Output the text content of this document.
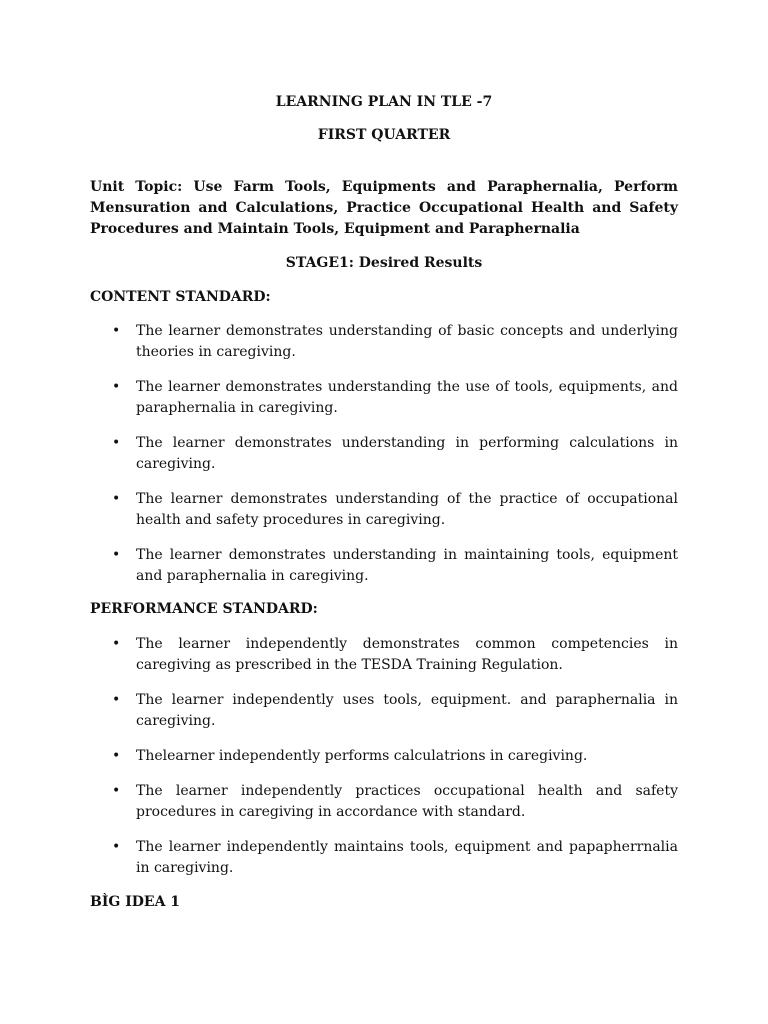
LEARNING PLAN IN TLE -7
FIRST QUARTER
Unit Topic: Use Farm Tools, Equipments and Paraphernalia, Perform Mensuration and Calculations, Practice Occupational Health and Safety Procedures and Maintain Tools, Equipment and Paraphernalia
STAGE1: Desired Results
CONTENT STANDARD:
• The learner demonstrates understanding of basic concepts and underlying theories in caregiving.
• The learner demonstrates understanding the use of tools, equipments, and paraphernalia in caregiving.
• The learner demonstrates understanding in performing calculations in caregiving.
• The learner demonstrates understanding of the practice of occupational health and safety procedures in caregiving.
• The learner demonstrates understanding in maintaining tools, equipment and paraphernalia in caregiving.
PERFORMANCE STANDARD:
• The learner independently demonstrates common competencies in caregiving as prescribed in the TESDA Training Regulation.
• The learner independently uses tools, equipment. and paraphernalia in caregiving.
• Thelearner independently performs calculatrions in caregiving.
• The learner independently practices occupational health and safety procedures in caregiving in accordance with standard.
• The learner independently maintains tools, equipment and papapherrnalia in caregiving.
BÌG IDEA 1
